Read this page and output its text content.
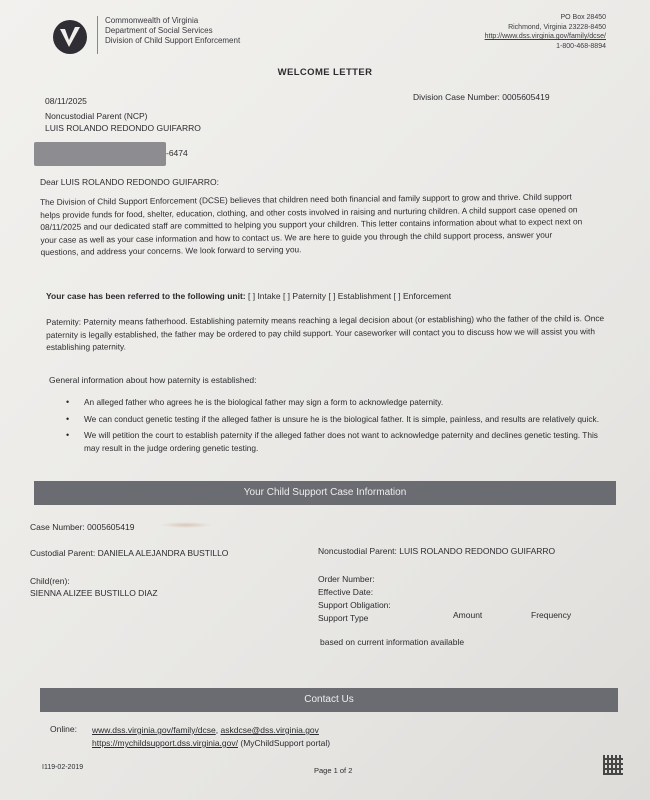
Commonwealth of Virginia
Department of Social Services
Division of Child Support Enforcement
PO Box 28450
Richmond, Virginia 23228-8450
http://www.dss.virginia.gov/family/dcse/
1-800-468-8894
WELCOME LETTER
08/11/2025	Division Case Number: 0005605419
Noncustodial Parent (NCP)
LUIS ROLANDO REDONDO GUIFARRO
-6474
Dear LUIS ROLANDO REDONDO GUIFARRO:
The Division of Child Support Enforcement (DCSE) believes that children need both financial and family support to grow and thrive. Child support helps provide funds for food, shelter, education, clothing, and other costs involved in raising and nurturing children. A child support case opened on 08/11/2025 and our dedicated staff are committed to helping you support your children. This letter contains information about what to expect next on your case as well as your case information and how to contact us. We are here to guide you through the child support process, answer your questions, and address your concerns. We look forward to serving you.
Your case has been referred to the following unit: [ ] Intake [ ] Paternity [ ] Establishment [ ] Enforcement
Paternity: Paternity means fatherhood. Establishing paternity means reaching a legal decision about (or establishing) who the father of the child is. Once paternity is legally established, the father may be ordered to pay child support. Your caseworker will contact you to discuss how we will assist you with establishing paternity.
General information about how paternity is established:
• An alleged father who agrees he is the biological father may sign a form to acknowledge paternity.
• We can conduct genetic testing if the alleged father is unsure he is the biological father. It is simple, painless, and results are relatively quick.
• We will petition the court to establish paternity if the alleged father does not want to acknowledge paternity and declines genetic testing. This may result in the judge ordering genetic testing.
Your Child Support Case Information
Case Number: 0005605419
Custodial Parent: DANIELA ALEJANDRA BUSTILLO	Noncustodial Parent: LUIS ROLANDO REDONDO GUIFARRO
Child(ren):
SIENNA ALIZEE BUSTILLO DIAZ
Order Number:
Effective Date:
Support Obligation:
Support Type	Amount	Frequency
based on current information available
Contact Us
Online: www.dss.virginia.gov/family/dcse, askdcse@dss.virginia.gov
https://mychildsupport.dss.virginia.gov/ (MyChildSupport portal)
I119-02-2019	Page 1 of 2
